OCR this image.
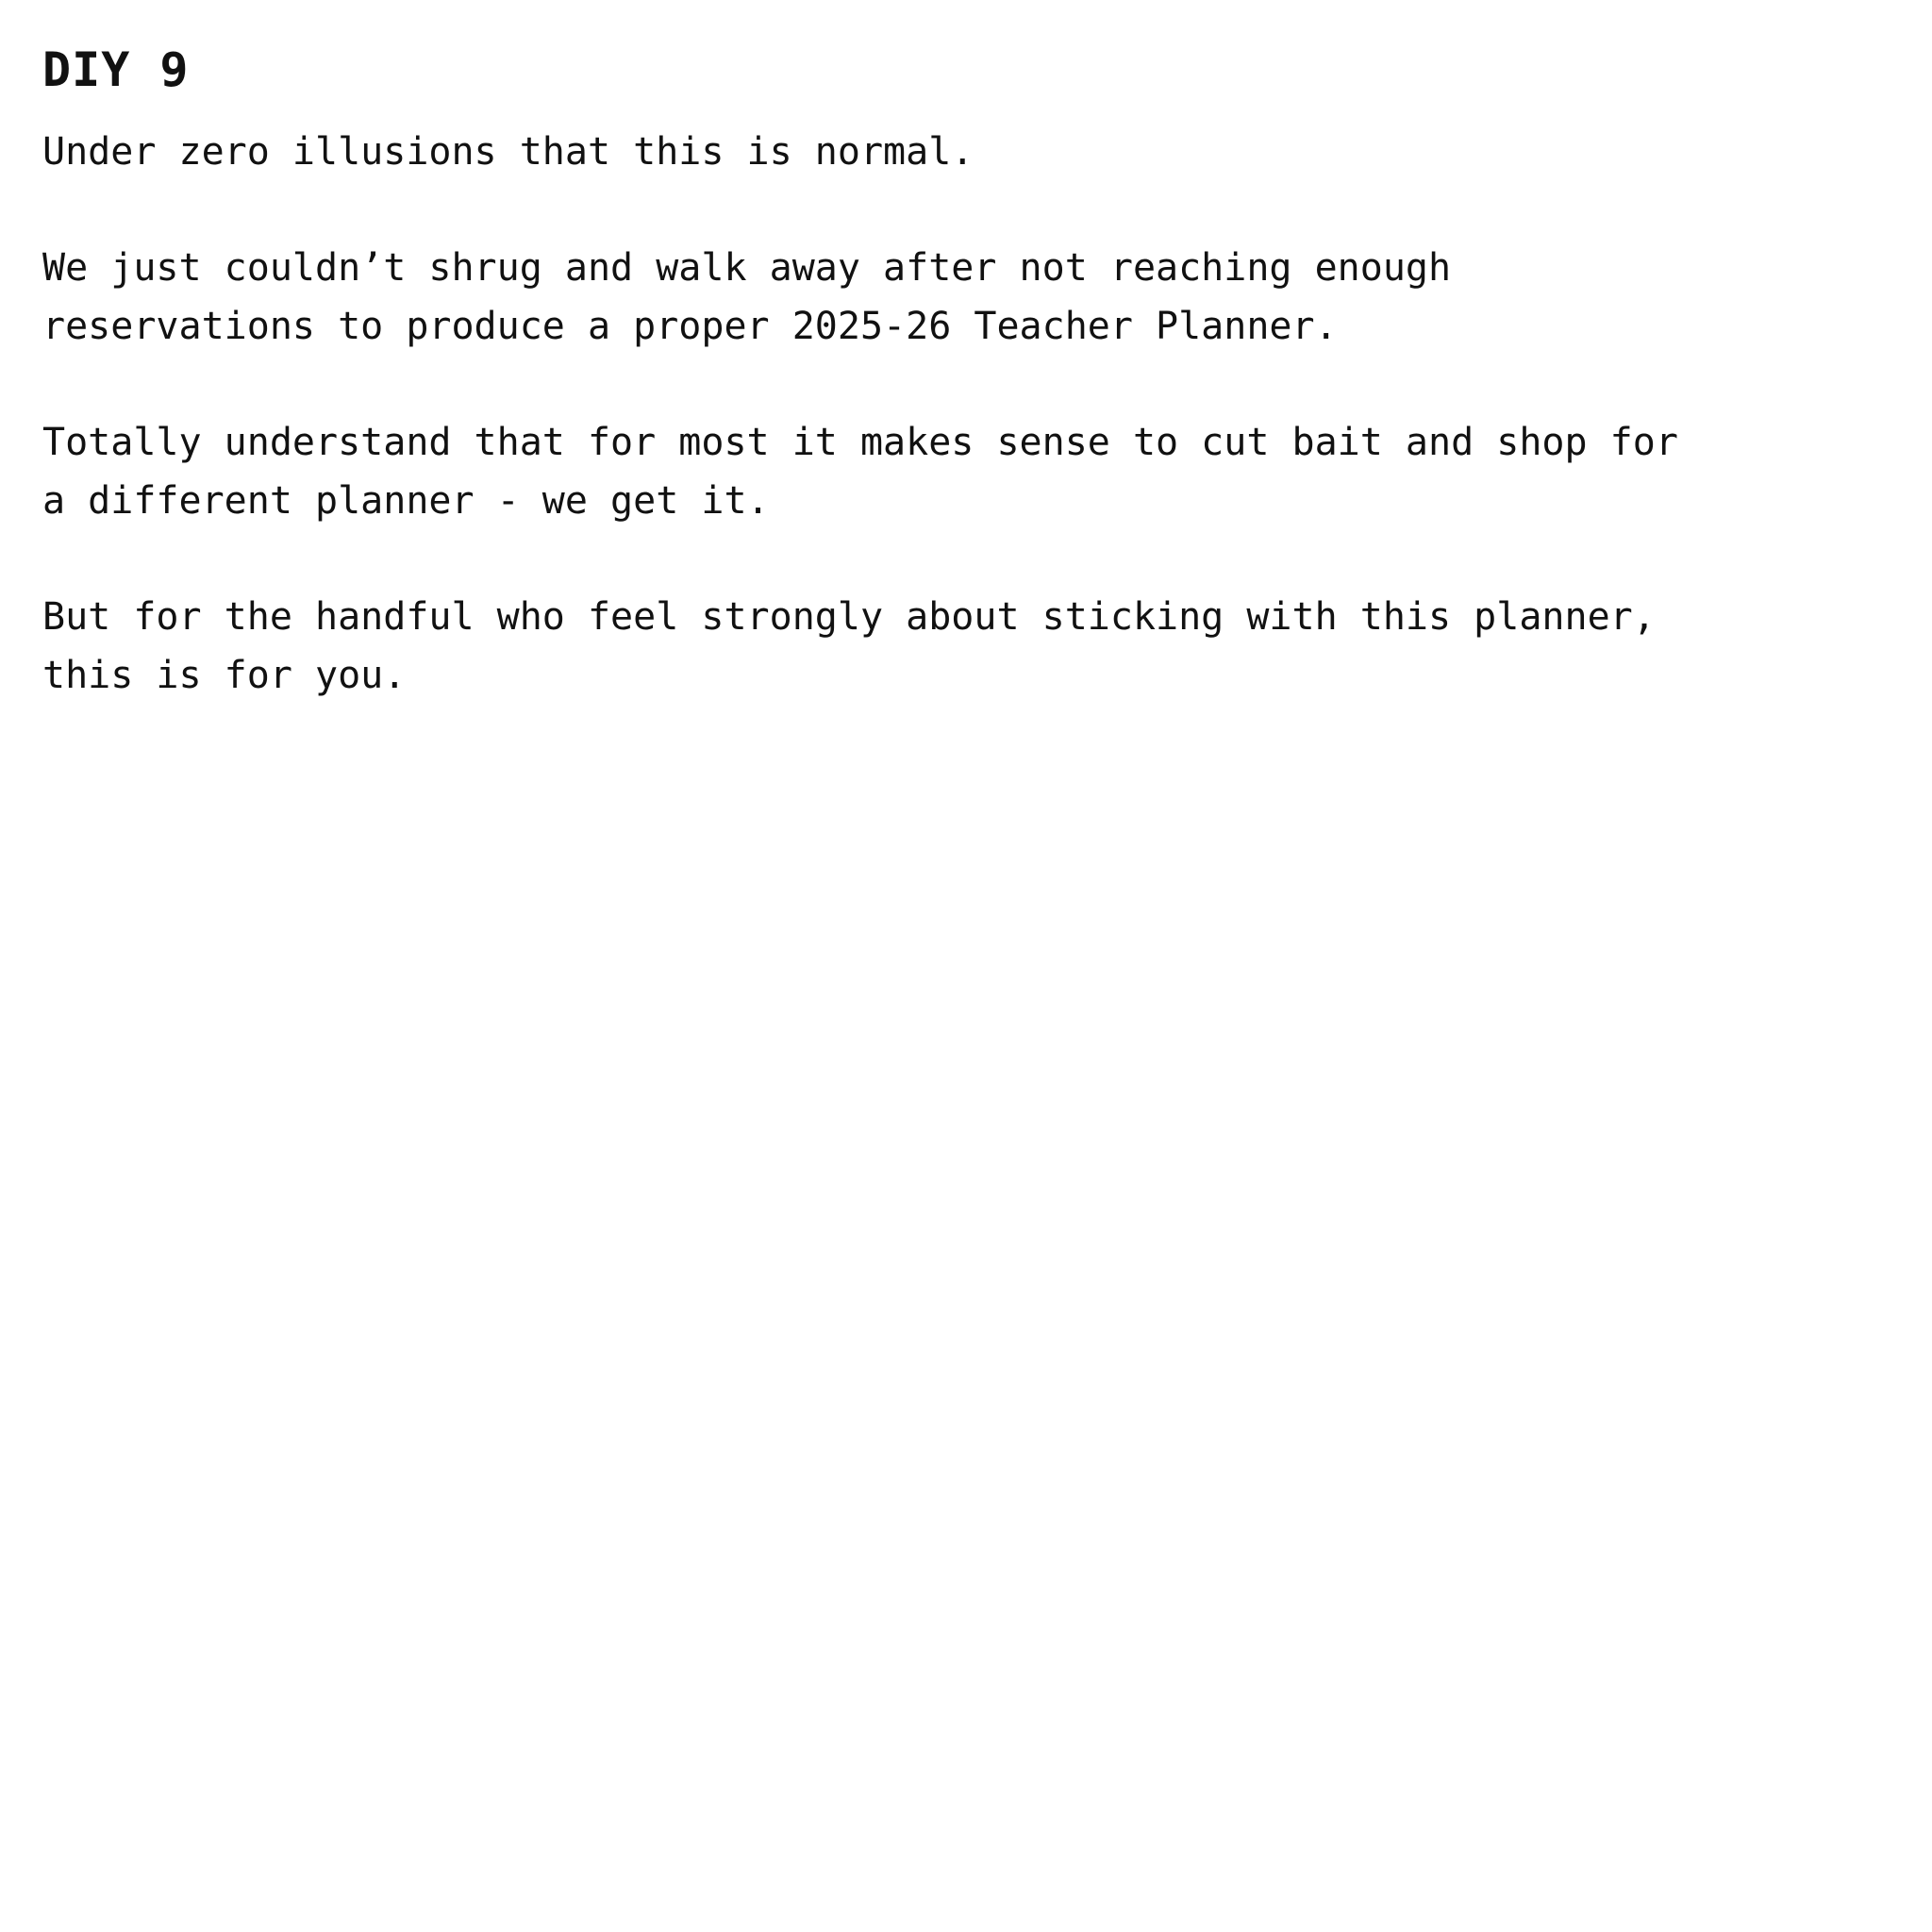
DIY 9

Under zero illusions that this is normal.

We just couldn’t shrug and walk away after not reaching enough
reservations to produce a proper 2025-26 Teacher Planner.

Totally understand that for most it makes sense to cut bait and shop for
a different planner - we get it.

But for the handful who feel strongly about sticking with this planner,
this is for you.
